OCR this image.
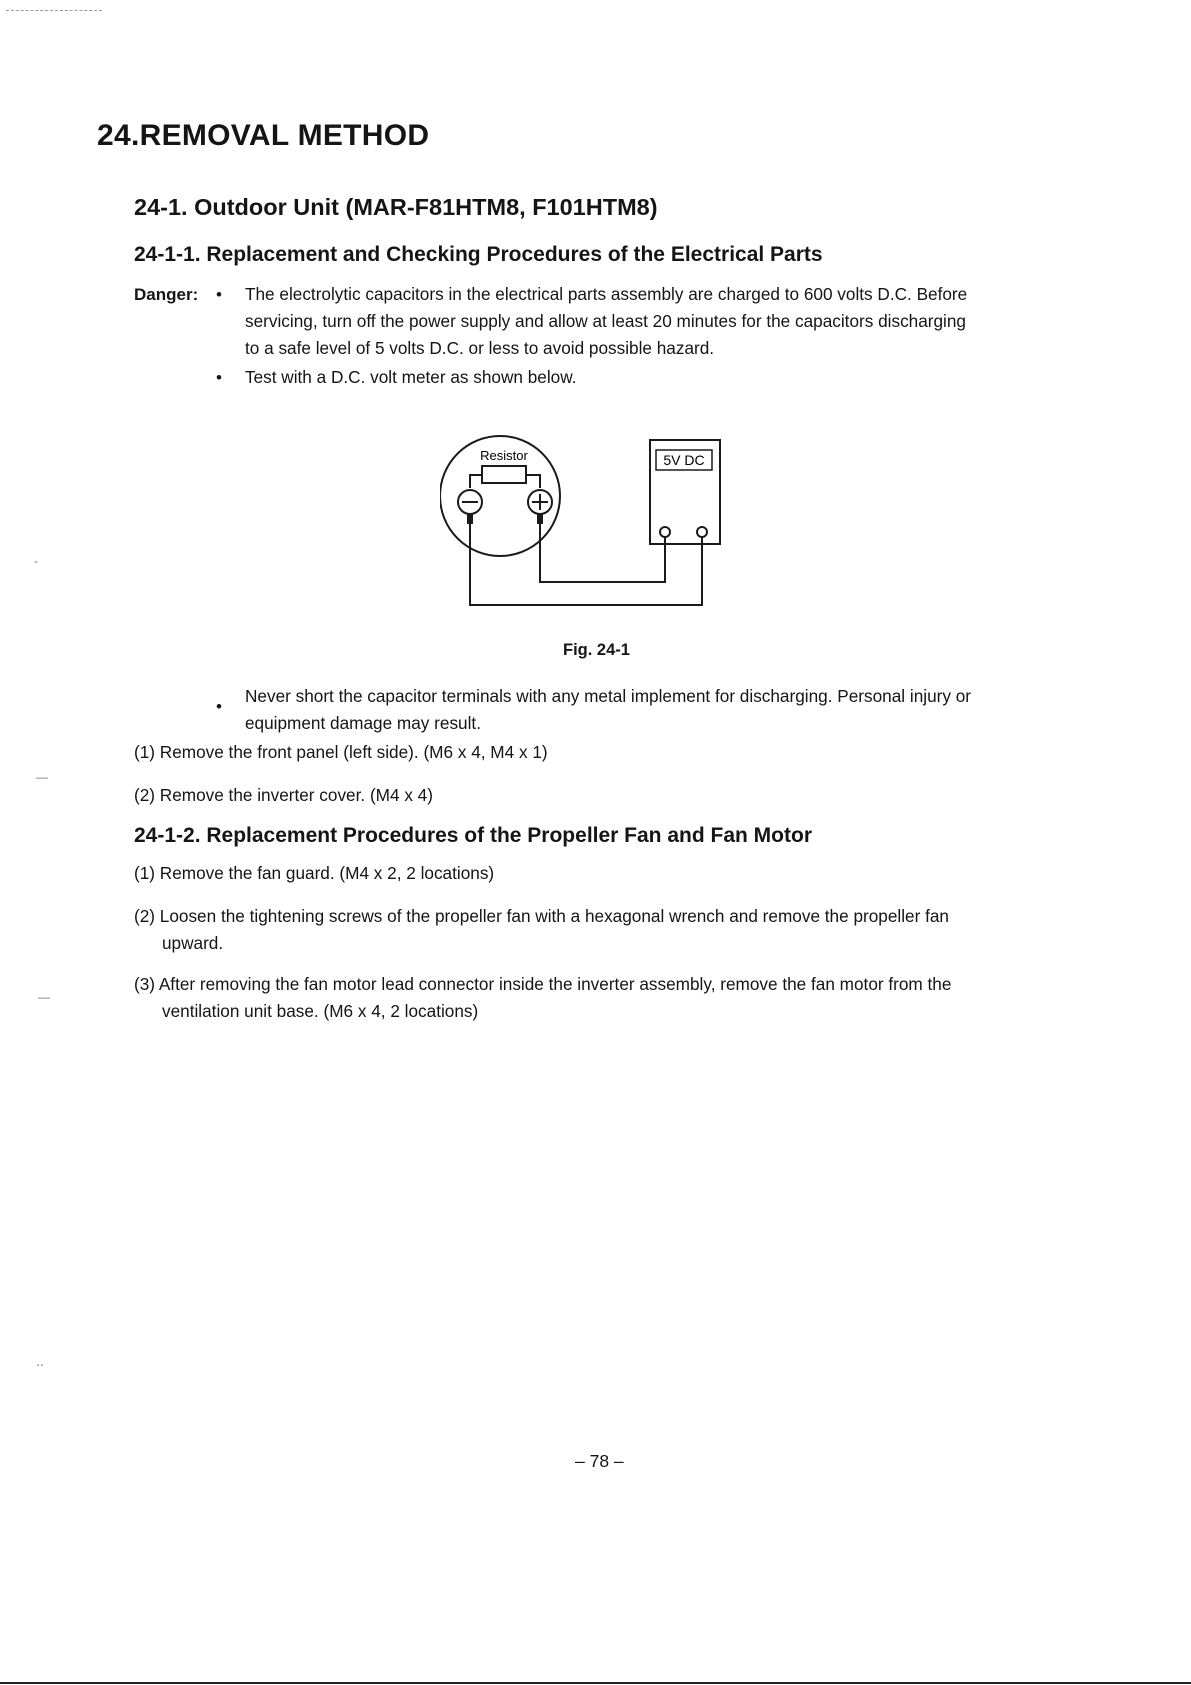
24.REMOVAL METHOD
24-1. Outdoor Unit (MAR-F81HTM8, F101HTM8)
24-1-1. Replacement and Checking Procedures of the Electrical Parts
Danger: • The electrolytic capacitors in the electrical parts assembly are charged to 600 volts D.C. Before
servicing, turn off the power supply and allow at least 20 minutes for the capacitors discharging
to a safe level of 5 volts D.C. or less to avoid possible hazard.
• Test with a D.C. volt meter as shown below.
Resistor	5V DC
Fig. 24-1
•
Never short the capacitor terminals with any metal implement for discharging. Personal injury or
equipment damage may result.
(1) Remove the front panel (left side). (M6 x 4, M4 x 1)
(2) Remove the inverter cover. (M4 x 4)
24-1-2. Replacement Procedures of the Propeller Fan and Fan Motor
(1) Remove the fan guard. (M4 x 2, 2 locations)
(2) Loosen the tightening screws of the propeller fan with a hexagonal wrench and remove the propeller fan
upward.
(3) After removing the fan motor lead connector inside the inverter assembly, remove the fan motor from the
ventilation unit base. (M6 x 4, 2 locations)
– 78 –
‐
—
—
‥
